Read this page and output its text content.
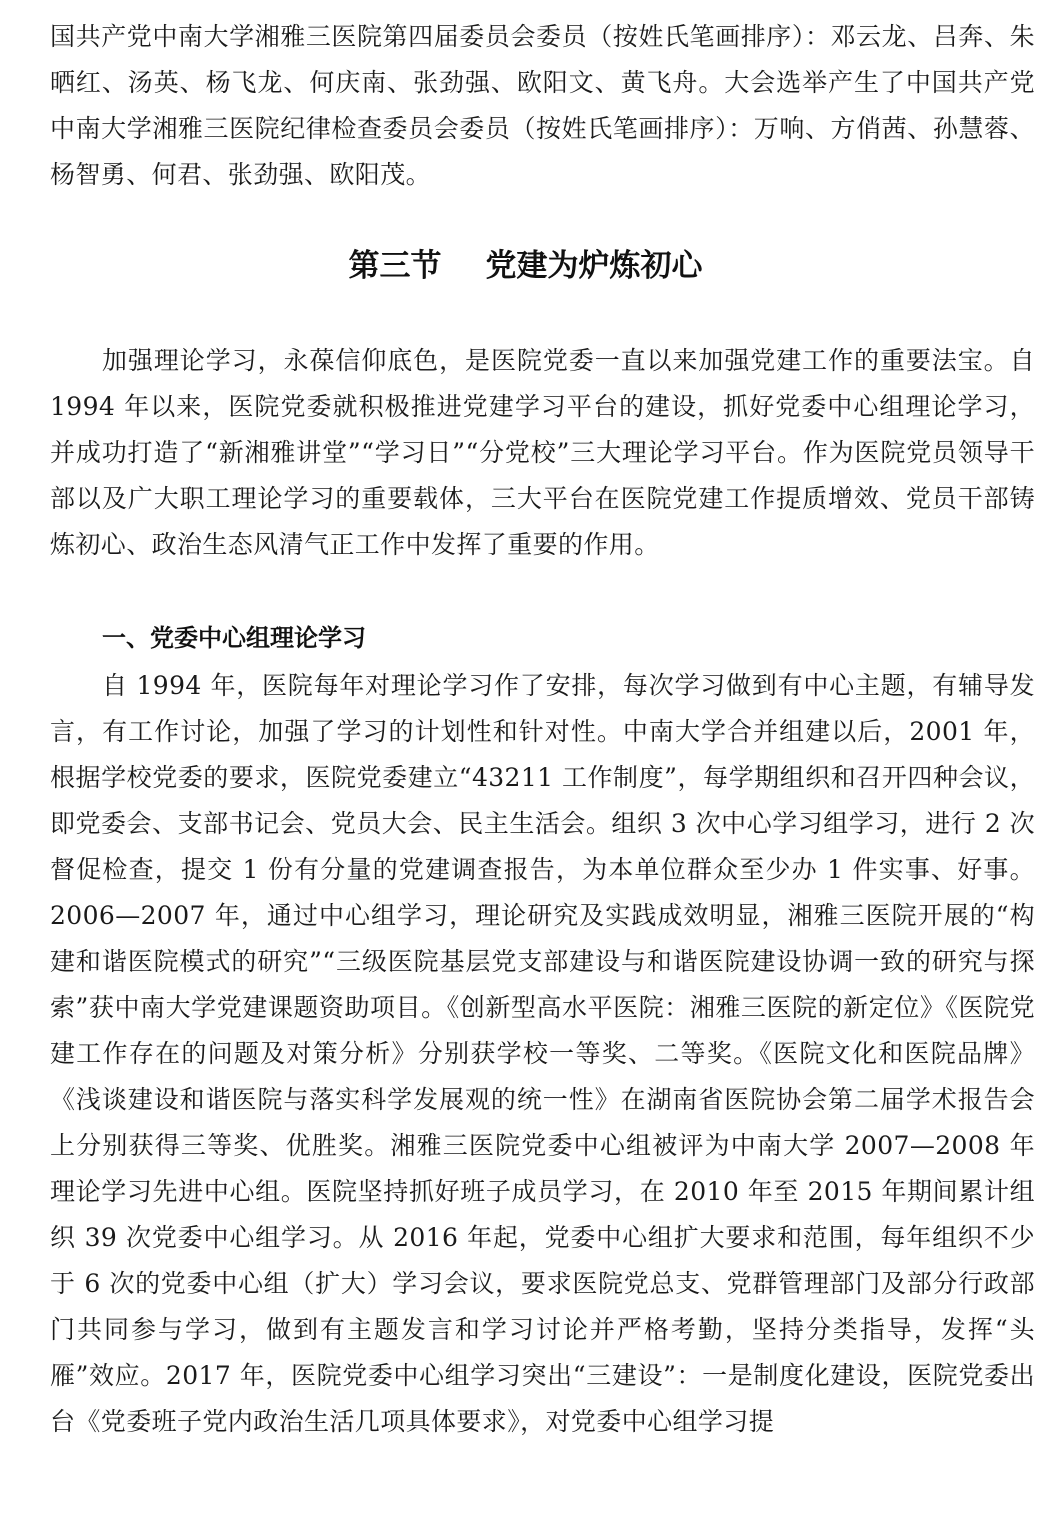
国共产党中南大学湘雅三医院第四届委员会委员（按姓氏笔画排序）：邓云龙、吕奔、朱晒红、汤英、杨飞龙、何庆南、张劲强、欧阳文、黄飞舟。大会选举产生了中国共产党中南大学湘雅三医院纪律检查委员会委员（按姓氏笔画排序）：万响、方俏茜、孙慧蓉、杨智勇、何君、张劲强、欧阳茂。

第三节 党建为炉炼初心

加强理论学习，永葆信仰底色，是医院党委一直以来加强党建工作的重要法宝。自 1994 年以来，医院党委就积极推进党建学习平台的建设，抓好党委中心组理论学习，并成功打造了“新湘雅讲堂”“学习日”“分党校”三大理论学习平台。作为医院党员领导干部以及广大职工理论学习的重要载体，三大平台在医院党建工作提质增效、党员干部铸炼初心、政治生态风清气正工作中发挥了重要的作用。

一、党委中心组理论学习

自 1994 年，医院每年对理论学习作了安排，每次学习做到有中心主题，有辅导发言，有工作讨论，加强了学习的计划性和针对性。中南大学合并组建以后，2001 年，根据学校党委的要求，医院党委建立“43211 工作制度”，每学期组织和召开四种会议，即党委会、支部书记会、党员大会、民主生活会。组织 3 次中心学习组学习，进行 2 次督促检查，提交 1 份有分量的党建调查报告，为本单位群众至少办 1 件实事、好事。2006—2007 年，通过中心组学习，理论研究及实践成效明显，湘雅三医院开展的“构建和谐医院模式的研究”“三级医院基层党支部建设与和谐医院建设协调一致的研究与探索”获中南大学党建课题资助项目。《创新型高水平医院：湘雅三医院的新定位》《医院党建工作存在的问题及对策分析》分别获学校一等奖、二等奖。《医院文化和医院品牌》《浅谈建设和谐医院与落实科学发展观的统一性》在湖南省医院协会第二届学术报告会上分别获得三等奖、优胜奖。湘雅三医院党委中心组被评为中南大学 2007—2008 年理论学习先进中心组。医院坚持抓好班子成员学习，在 2010 年至 2015 年期间累计组织 39 次党委中心组学习。从 2016 年起，党委中心组扩大要求和范围，每年组织不少于 6 次的党委中心组（扩大）学习会议，要求医院党总支、党群管理部门及部分行政部门共同参与学习，做到有主题发言和学习讨论并严格考勤，坚持分类指导，发挥“头雁”效应。2017 年，医院党委中心组学习突出“三建设”：一是制度化建设，医院党委出台《党委班子党内政治生活几项具体要求》，对党委中心组学习提
